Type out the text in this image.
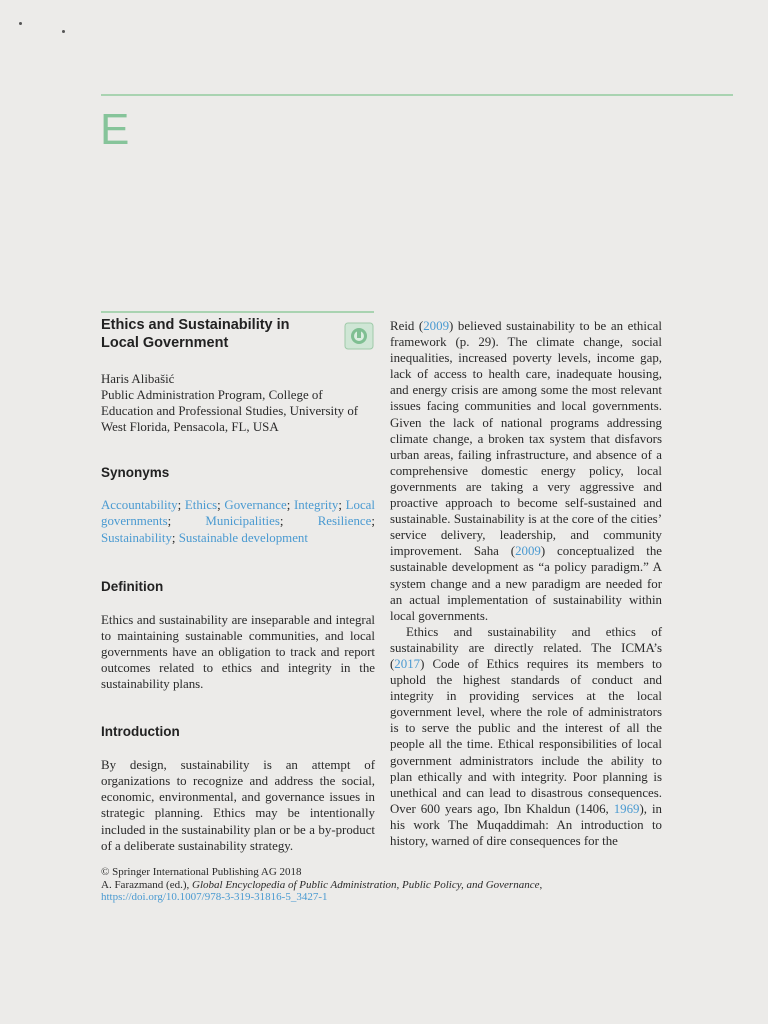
E
Ethics and Sustainability in Local Government

Haris Alibašić

Public Administration Program, College of Education and Professional Studies, University of West Florida, Pensacola, FL, USA

Synonyms

Accountability; Ethics; Governance; Integrity; Local governments; Municipalities; Resilience; Sustainability; Sustainable development

Definition

Ethics and sustainability are inseparable and integral to maintaining sustainable communities, and local governments have an obligation to track and report outcomes related to ethics and integrity in the sustainability plans.

Introduction

By design, sustainability is an attempt of organizations to recognize and address the social, economic, environmental, and governance issues in strategic planning. Ethics may be intentionally included in the sustainability plan or be a by-product of a deliberate sustainability strategy.

Reid (2009) believed sustainability to be an ethical framework (p. 29). The climate change, social inequalities, increased poverty levels, income gap, lack of access to health care, inadequate housing, and energy crisis are among some the most relevant issues facing communities and local governments. Given the lack of national programs addressing climate change, a broken tax system that disfavors urban areas, failing infrastructure, and absence of a comprehensive domestic energy policy, local governments are taking a very aggressive and proactive approach to become self-sustained and sustainable. Sustainability is at the core of the cities’ service delivery, leadership, and community improvement. Saha (2009) conceptualized the sustainable development as “a policy paradigm.” A system change and a new paradigm are needed for an actual implementation of sustainability within local governments.

Ethics and sustainability and ethics of sustainability are directly related. The ICMA’s (2017) Code of Ethics requires its members to uphold the highest standards of conduct and integrity in providing services at the local government level, where the role of administrators is to serve the public and the interest of all the people all the time. Ethical responsibilities of local government administrators include the ability to plan ethically and with integrity. Poor planning is unethical and can lead to disastrous consequences. Over 600 years ago, Ibn Khaldun (1406, 1969), in his work The Muqaddimah: An introduction to history, warned of dire consequences for the

© Springer International Publishing AG 2018
A. Farazmand (ed.), Global Encyclopedia of Public Administration, Public Policy, and Governance,
https://doi.org/10.1007/978-3-319-31816-5_3427-1
